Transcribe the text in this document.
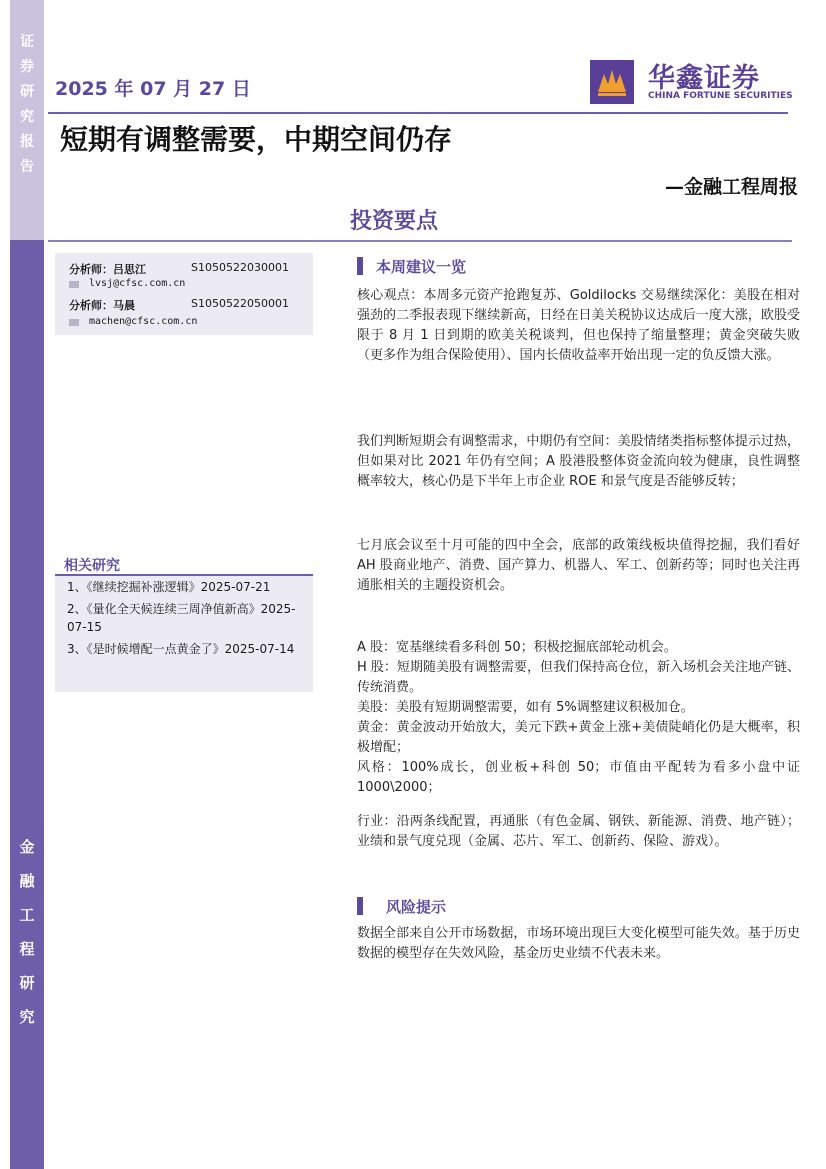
证
券
研
究
报
告
金
融
工
程
研
究
2025 年 07 月 27 日	华鑫证券
CHINA FORTUNE SECURITIES
短期有调整需要，中期空间仍存
—金融工程周报
投资要点
分析师：吕思江	S1050522030001
lvsj@cfsc.com.cn
分析师：马晨	S1050522050001
machen@cfsc.com.cn
相关研究
1、《继续挖掘补涨逻辑》2025-07-21
2、《量化全天候连续三周净值新高》2025-07-15
3、《是时候增配一点黄金了》2025-07-14
本周建议一览

核心观点：本周多元资产抢跑复苏、Goldilocks 交易继续深化：美股在相对强劲的二季报表现下继续新高，日经在日美关税协议达成后一度大涨，欧股受限于 8 月 1 日到期的欧美关税谈判，但也保持了缩量整理；黄金突破失败（更多作为组合保险使用）、国内长债收益率开始出现一定的负反馈大涨。

我们判断短期会有调整需求，中期仍有空间：美股情绪类指标整体提示过热，但如果对比 2021 年仍有空间；A 股港股整体资金流向较为健康，良性调整概率较大，核心仍是下半年上市企业 ROE 和景气度是否能够反转；

七月底会议至十月可能的四中全会，底部的政策线板块值得挖掘，我们看好 AH 股商业地产、消费、国产算力、机器人、军工、创新药等；同时也关注再通胀相关的主题投资机会。

A 股：宽基继续看多科创 50；积极挖掘底部轮动机会。
H 股：短期随美股有调整需要，但我们保持高仓位，新入场机会关注地产链、传统消费。
美股：美股有短期调整需要，如有 5%调整建议积极加仓。
黄金：黄金波动开始放大，美元下跌+黄金上涨+美债陡峭化仍是大概率，积极增配；
风格：100%成长，创业板+科创 50；市值由平配转为看多小盘中证 1000\2000；

行业：沿两条线配置，再通胀（有色金属、钢铁、新能源、消费、地产链）；业绩和景气度兑现（金属、芯片、军工、创新药、保险、游戏）。

风险提示

数据全部来自公开市场数据，市场环境出现巨大变化模型可能失效。基于历史数据的模型存在失效风险，基金历史业绩不代表未来。
